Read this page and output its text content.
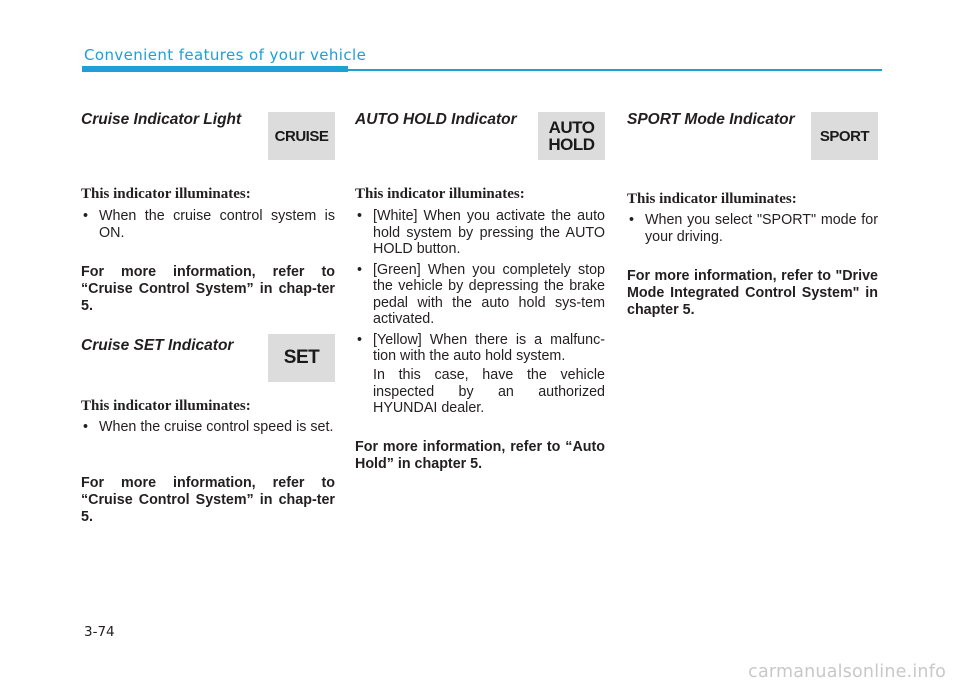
Convenient features of your vehicle
Cruise Indicator Light
CRUISE
This indicator illuminates:
• When the cruise control system is ON.

For more information, refer to “Cruise Control System” in chap-ter 5.

Cruise SET Indicator
SET
This indicator illuminates:
• When the cruise control speed is set.

For more information, refer to “Cruise Control System” in chap-ter 5.

AUTO HOLD Indicator AUTO
HOLD
This indicator illuminates:
• [White] When you activate the auto hold system by pressing the AUTO HOLD button.
• [Green] When you completely stop the vehicle by depressing the brake pedal with the auto hold sys-tem activated.
• [Yellow] When there is a malfunc-tion with the auto hold system.

In this case, have the vehicle inspected by an authorized HYUNDAI dealer.

For more information, refer to “Auto Hold” in chapter 5.

SPORT Mode Indicator
SPORT
This indicator illuminates:
• When you select "SPORT" mode for your driving.

For more information, refer to "Drive Mode Integrated Control System" in chapter 5.

3-74
carmanualsonline.info
